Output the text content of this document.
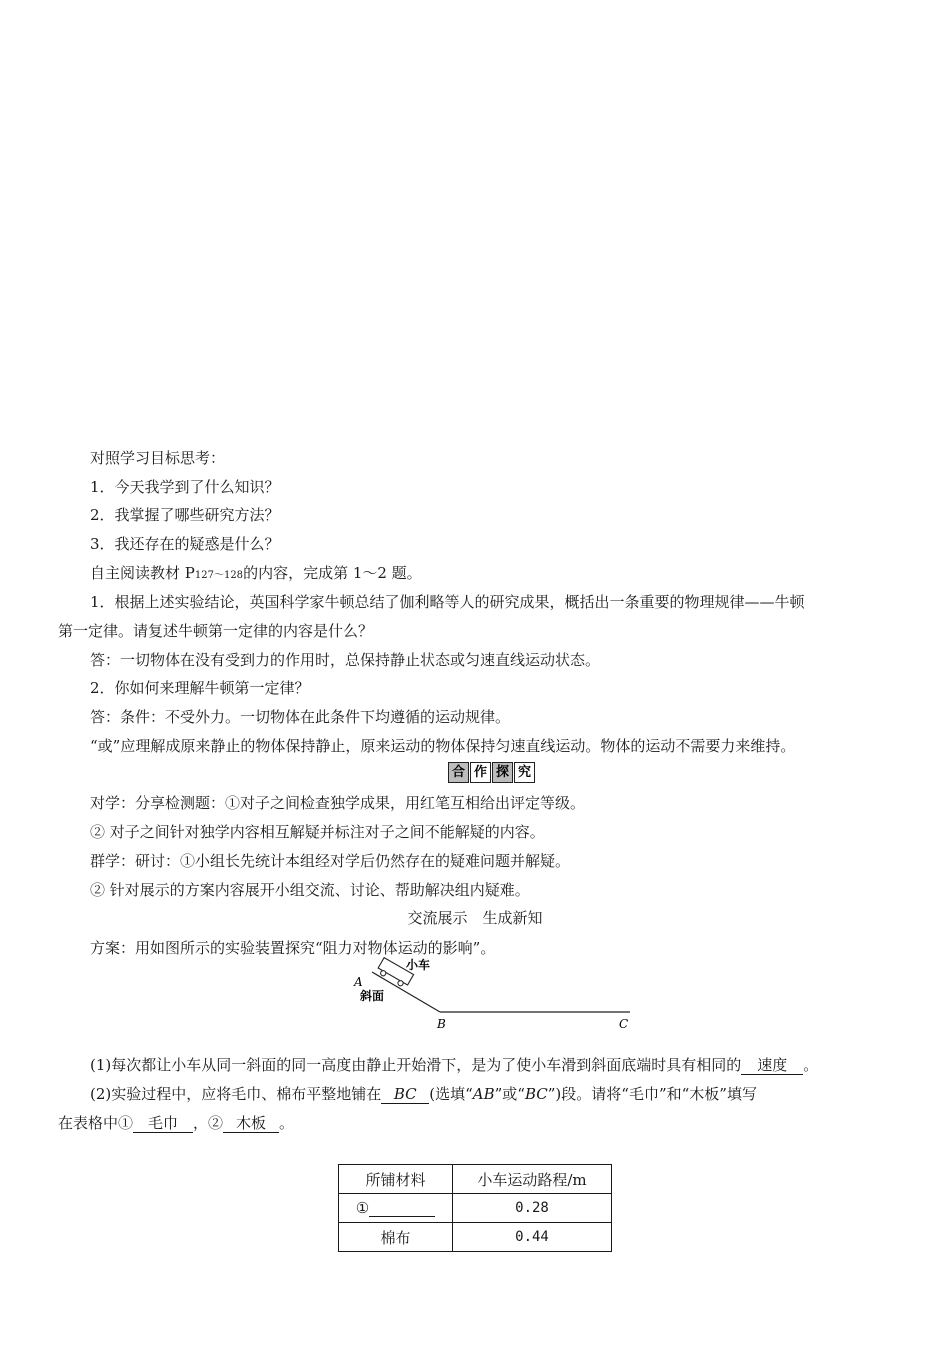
对照学习目标思考：
1．今天我学到了什么知识？
2．我掌握了哪些研究方法？
3．我还存在的疑惑是什么？
自主阅读教材 P127～128的内容，完成第 1～2 题。
1．根据上述实验结论，英国科学家牛顿总结了伽利略等人的研究成果，概括出一条重要的物理规律——牛顿
第一定律。请复述牛顿第一定律的内容是什么？
答：一切物体在没有受到力的作用时，总保持静止状态或匀速直线运动状态。
2．你如何来理解牛顿第一定律？
答：条件：不受外力。一切物体在此条件下均遵循的运动规律。
“或”应理解成原来静止的物体保持静止，原来运动的物体保持匀速直线运动。物体的运动不需要力来维持。
合 作 探 究
对学：分享检测题：①对子之间检查独学成果，用红笔互相给出评定等级。
② 对子之间针对独学内容相互解疑并标注对子之间不能解疑的内容。
群学：研讨：①小组长先统计本组经对学后仍然存在的疑难问题并解疑。
② 针对展示的方案内容展开小组交流、讨论、帮助解决组内疑难。
交流展示　生成新知
方案：用如图所示的实验装置探究“阻力对物体运动的影响”。
小车
A
斜面
B	C
(1)每次都让小车从同一斜面的同一高度由静止开始滑下，是为了使小车滑到斜面底端时具有相同的 速度 。
(2)实验过程中，应将毛巾、棉布平整地铺在 BC (选填“AB”或“BC”)段。请将“毛巾”和“木板”填写
在表格中① 毛巾 ，② 木板 。
所铺材料	小车运动路程/m
①	0.28
棉布	0.44
